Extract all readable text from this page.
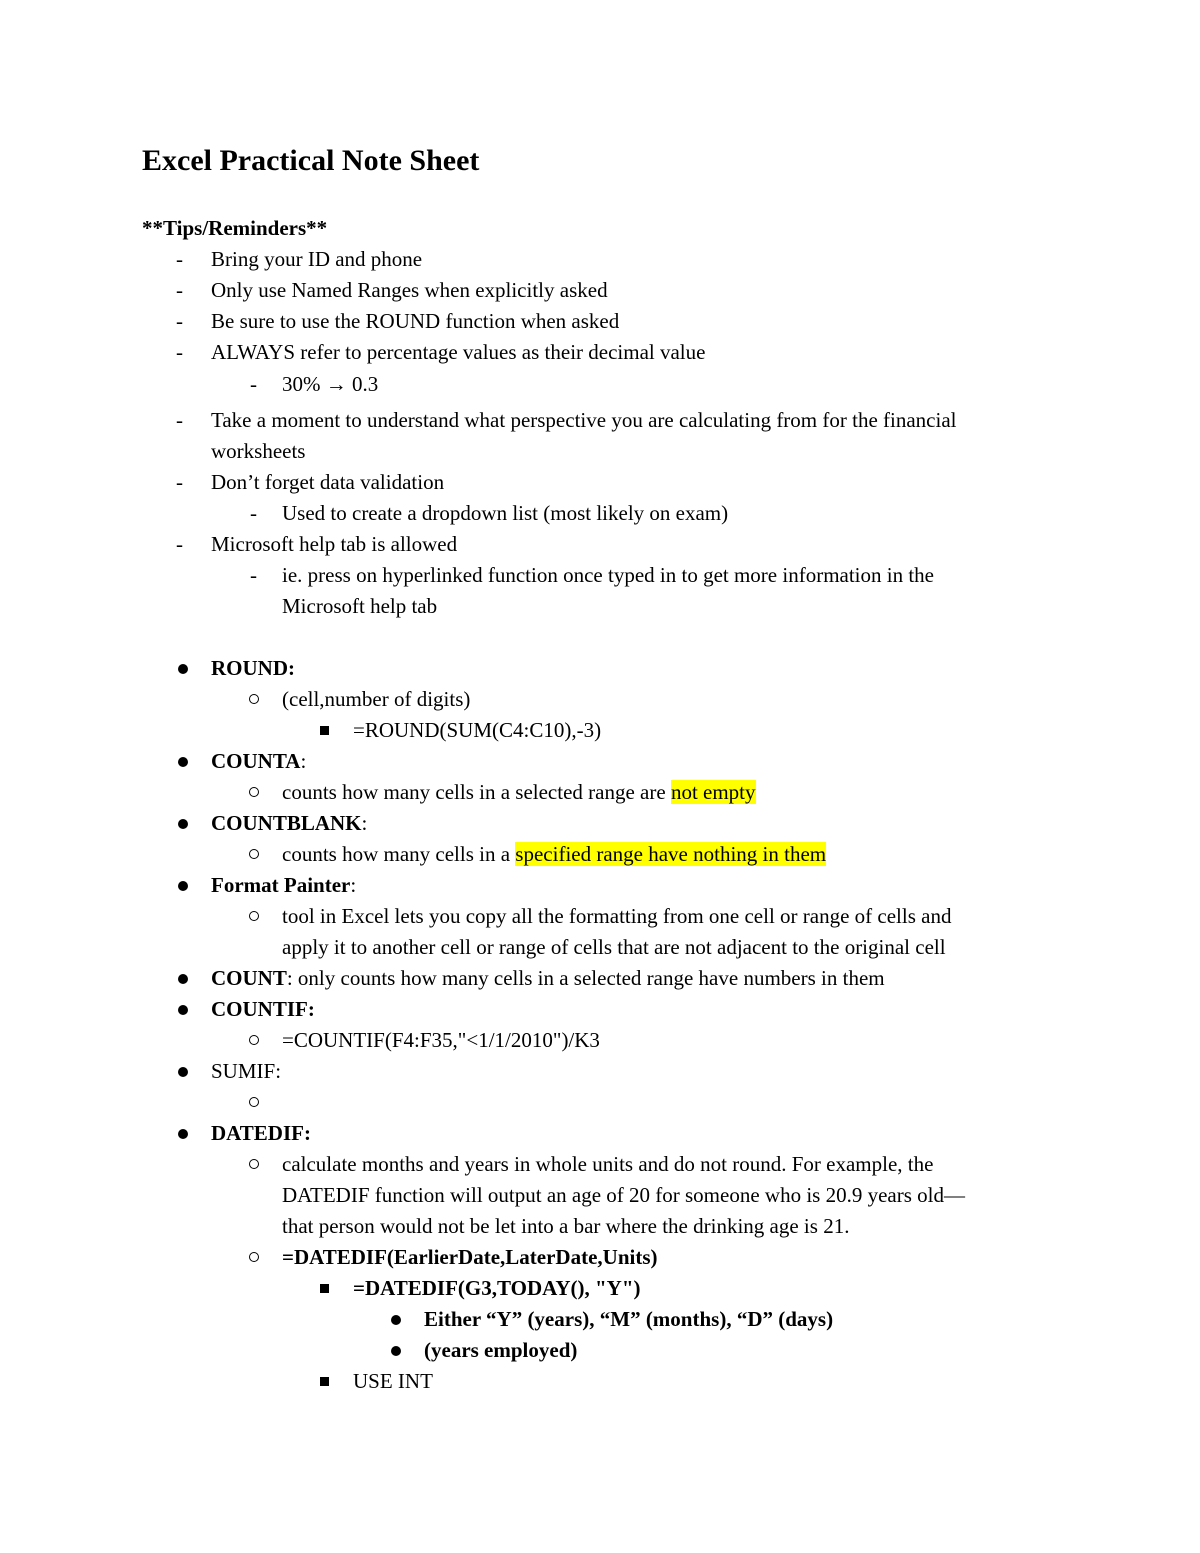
Excel Practical Note Sheet
**Tips/Reminders**
- Bring your ID and phone
- Only use Named Ranges when explicitly asked
- Be sure to use the ROUND function when asked
- ALWAYS refer to percentage values as their decimal value
- 30% → 0.3
- Take a moment to understand what perspective you are calculating from for the financial
worksheets
- Don’t forget data validation
- Used to create a dropdown list (most likely on exam)
- Microsoft help tab is allowed
- ie. press on hyperlinked function once typed in to get more information in the
Microsoft help tab
ROUND:
(cell,number of digits)
=ROUND(SUM(C4:C10),-3)
COUNTA:
counts how many cells in a selected range are not empty
COUNTBLANK:
counts how many cells in a specified range have nothing in them
Format Painter:
tool in Excel lets you copy all the formatting from one cell or range of cells and
apply it to another cell or range of cells that are not adjacent to the original cell
COUNT: only counts how many cells in a selected range have numbers in them
COUNTIF:
=COUNTIF(F4:F35,"<1/1/2010")/K3
SUMIF:
DATEDIF:
calculate months and years in whole units and do not round. For example, the
DATEDIF function will output an age of 20 for someone who is 20.9 years old—
that person would not be let into a bar where the drinking age is 21.
=DATEDIF(EarlierDate,LaterDate,Units)
=DATEDIF(G3,TODAY(), "Y")
Either “Y” (years), “M” (months), “D” (days)
(years employed)
USE INT
